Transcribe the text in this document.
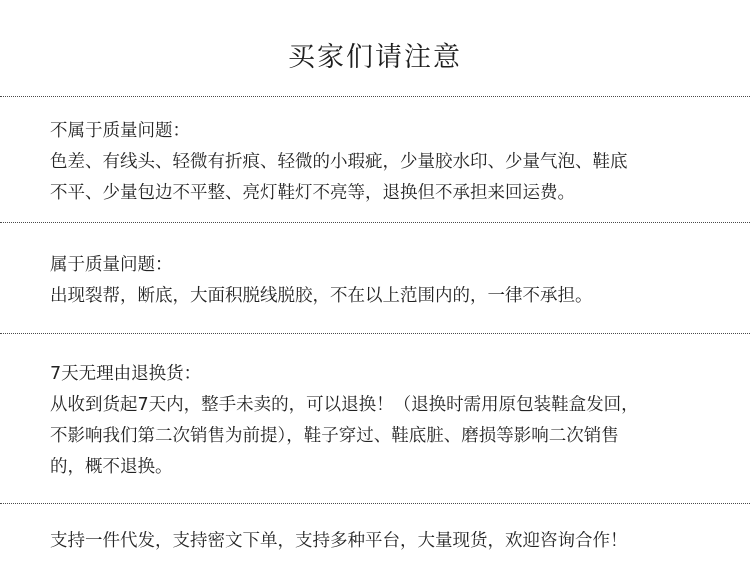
买家们请注意

不属于质量问题：

色差、有线头、轻微有折痕、轻微的小瑕疵，少量胶水印、少量气泡、鞋底

不平、少量包边不平整、亮灯鞋灯不亮等，退换但不承担来回运费。

属于质量问题：

出现裂帮，断底，大面积脱线脱胶，不在以上范围内的，一律不承担。

7天无理由退换货：

从收到货起7天内，整手未卖的，可以退换！（退换时需用原包装鞋盒发回，

不影响我们第二次销售为前提），鞋子穿过、鞋底脏、磨损等影响二次销售

的，概不退换。

支持一件代发，支持密文下单，支持多种平台，大量现货，欢迎咨询合作！
